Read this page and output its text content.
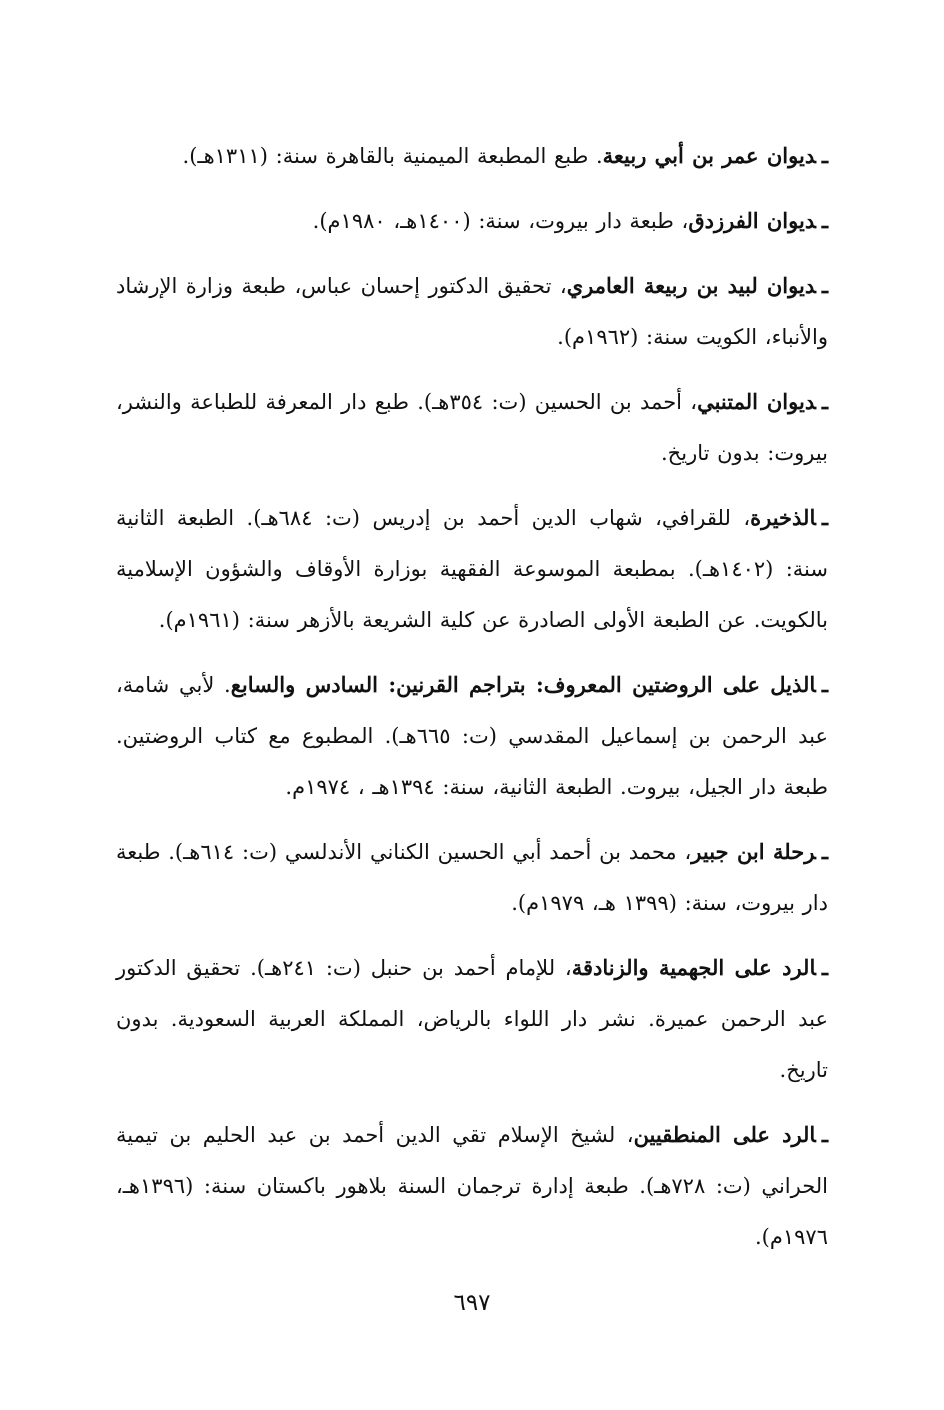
ـديوان عمر بن أبي ربيعة. طبع المطبعة الميمنية بالقاهرة سنة: (١٣١١هـ).

ـديوان الفرزدق، طبعة دار بيروت، سنة: (١٤٠٠هـ، ١٩٨٠م).

ـديوان لبيد بن ربيعة العامري، تحقيق الدكتور إحسان عباس، طبعة وزارة الإرشاد والأنباء، الكويت سنة: (١٩٦٢م).

ـديوان المتنبي، أحمد بن الحسين (ت: ٣٥٤هـ). طبع دار المعرفة للطباعة والنشر، بيروت: بدون تاريخ.

ـالذخيرة، للقرافي، شهاب الدين أحمد بن إدريس (ت: ٦٨٤هـ). الطبعة الثانية سنة: (١٤٠٢هـ). بمطبعة الموسوعة الفقهية بوزارة الأوقاف والشؤون الإسلامية بالكويت. عن الطبعة الأولى الصادرة عن كلية الشريعة بالأزهر سنة: (١٩٦١م).

ـالذيل على الروضتين المعروف: بتراجم القرنين: السادس والسابع. لأبي شامة، عبد الرحمن بن إسماعيل المقدسي (ت: ٦٦٥هـ). المطبوع مع كتاب الروضتين. طبعة دار الجيل، بيروت. الطبعة الثانية، سنة: ١٣٩٤هـ ، ١٩٧٤م.

ـرحلة ابن جبير، محمد بن أحمد أبي الحسين الكناني الأندلسي (ت: ٦١٤هـ). طبعة دار بيروت، سنة: (١٣٩٩ هـ، ١٩٧٩م).

ـالرد على الجهمية والزنادقة، للإمام أحمد بن حنبل (ت: ٢٤١هـ). تحقيق الدكتور عبد الرحمن عميرة. نشر دار اللواء بالرياض، المملكة العربية السعودية. بدون تاريخ.

ـالرد على المنطقيين، لشيخ الإسلام تقي الدين أحمد بن عبد الحليم بن تيمية الحراني (ت: ٧٢٨هـ). طبعة إدارة ترجمان السنة بلاهور باكستان سنة: (١٣٩٦هـ، ١٩٧٦م).

٦٩٧
